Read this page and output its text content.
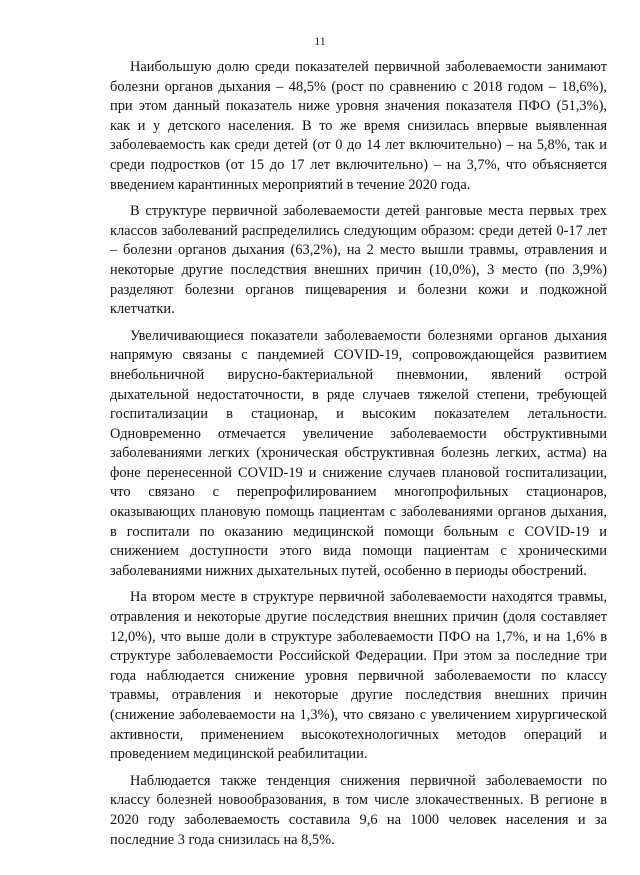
11

Наибольшую долю среди показателей первичной заболеваемости занимают болезни органов дыхания – 48,5% (рост по сравнению с 2018 годом – 18,6%), при этом данный показатель ниже уровня значения показателя ПФО (51,3%), как и у детского населения. В то же время снизилась впервые выявленная заболеваемость как среди детей (от 0 до 14 лет включительно) – на 5,8%, так и среди подростков (от 15 до 17 лет включительно) – на 3,7%, что объясняется введением карантинных мероприятий в течение 2020 года.

В структуре первичной заболеваемости детей ранговые места первых трех классов заболеваний распределились следующим образом: среди детей 0-17 лет – болезни органов дыхания (63,2%), на 2 место вышли травмы, отравления и некоторые другие последствия внешних причин (10,0%), 3 место (по 3,9%) разделяют болезни органов пищеварения и болезни кожи и подкожной клетчатки.

Увеличивающиеся показатели заболеваемости болезнями органов дыхания напрямую связаны с пандемией COVID-19, сопровождающейся развитием внебольничной вирусно-бактериальной пневмонии, явлений острой дыхательной недостаточности, в ряде случаев тяжелой степени, требующей госпитализации в стационар, и высоким показателем летальности. Одновременно отмечается увеличение заболеваемости обструктивными заболеваниями легких (хроническая обструктивная болезнь легких, астма) на фоне перенесенной COVID-19 и снижение случаев плановой госпитализации, что связано с перепрофилированием многопрофильных стационаров, оказывающих плановую помощь пациентам с заболеваниями органов дыхания, в госпитали по оказанию медицинской помощи больным с COVID-19 и снижением доступности этого вида помощи пациентам с хроническими заболеваниями нижних дыхательных путей, особенно в периоды обострений.

На втором месте в структуре первичной заболеваемости находятся травмы, отравления и некоторые другие последствия внешних причин (доля составляет 12,0%), что выше доли в структуре заболеваемости ПФО на 1,7%, и на 1,6% в структуре заболеваемости Российской Федерации. При этом за последние три года наблюдается снижение уровня первичной заболеваемости по классу травмы, отравления и некоторые другие последствия внешних причин (снижение заболеваемости на 1,3%), что связано с увеличением хирургической активности, применением высокотехнологичных методов операций и проведением медицинской реабилитации.

Наблюдается также тенденция снижения первичной заболеваемости по классу болезней новообразования, в том числе злокачественных. В регионе в 2020 году заболеваемость составила 9,6 на 1000 человек населения и за последние 3 года снизилась на 8,5%.
